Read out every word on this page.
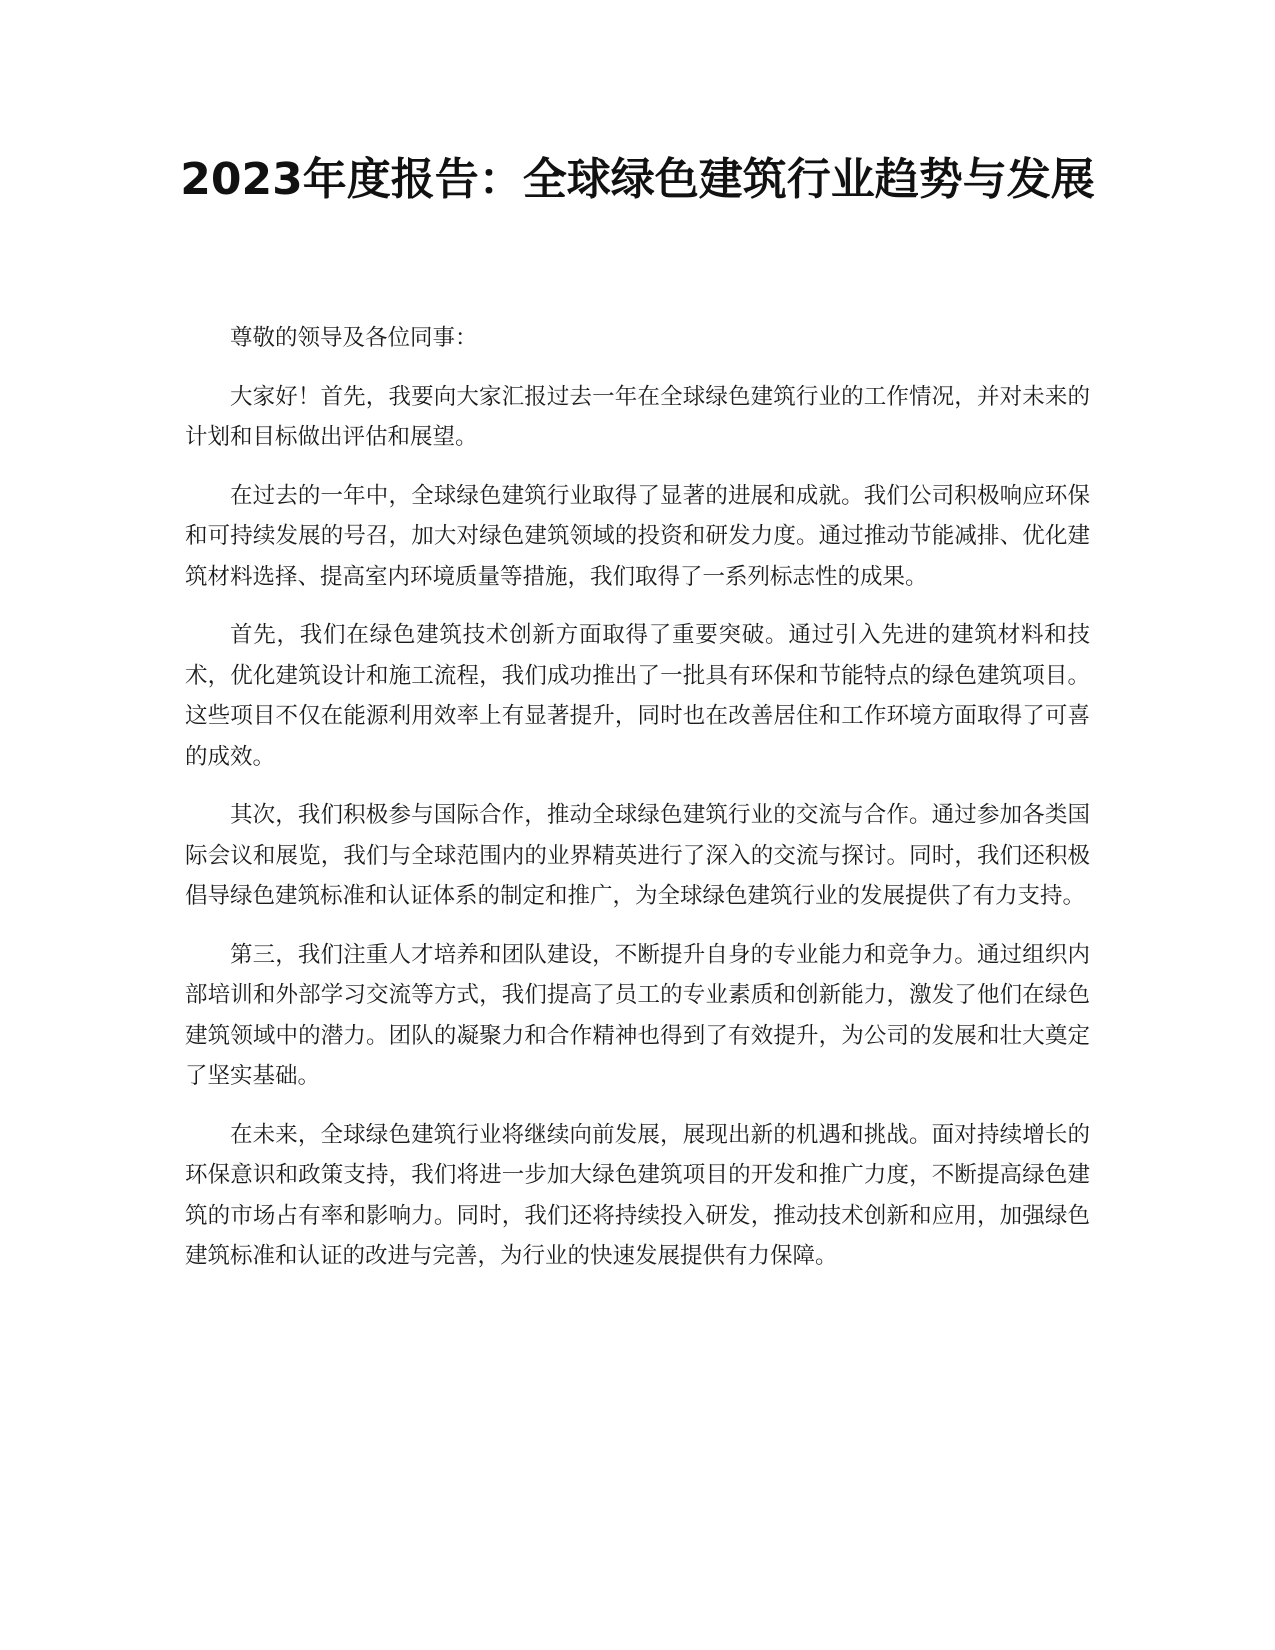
2023年度报告：全球绿色建筑行业趋势与发展

尊敬的领导及各位同事：

大家好！首先，我要向大家汇报过去一年在全球绿色建筑行业的工作情况，并对未来的计划和目标做出评估和展望。

在过去的一年中，全球绿色建筑行业取得了显著的进展和成就。我们公司积极响应环保和可持续发展的号召，加大对绿色建筑领域的投资和研发力度。通过推动节能减排、优化建筑材料选择、提高室内环境质量等措施，我们取得了一系列标志性的成果。

首先，我们在绿色建筑技术创新方面取得了重要突破。通过引入先进的建筑材料和技术，优化建筑设计和施工流程，我们成功推出了一批具有环保和节能特点的绿色建筑项目。这些项目不仅在能源利用效率上有显著提升，同时也在改善居住和工作环境方面取得了可喜的成效。

其次，我们积极参与国际合作，推动全球绿色建筑行业的交流与合作。通过参加各类国际会议和展览，我们与全球范围内的业界精英进行了深入的交流与探讨。同时，我们还积极倡导绿色建筑标准和认证体系的制定和推广，为全球绿色建筑行业的发展提供了有力支持。

第三，我们注重人才培养和团队建设，不断提升自身的专业能力和竞争力。通过组织内部培训和外部学习交流等方式，我们提高了员工的专业素质和创新能力，激发了他们在绿色建筑领域中的潜力。团队的凝聚力和合作精神也得到了有效提升，为公司的发展和壮大奠定了坚实基础。

在未来，全球绿色建筑行业将继续向前发展，展现出新的机遇和挑战。面对持续增长的环保意识和政策支持，我们将进一步加大绿色建筑项目的开发和推广力度，不断提高绿色建筑的市场占有率和影响力。同时，我们还将持续投入研发，推动技术创新和应用，加强绿色建筑标准和认证的改进与完善，为行业的快速发展提供有力保障。
